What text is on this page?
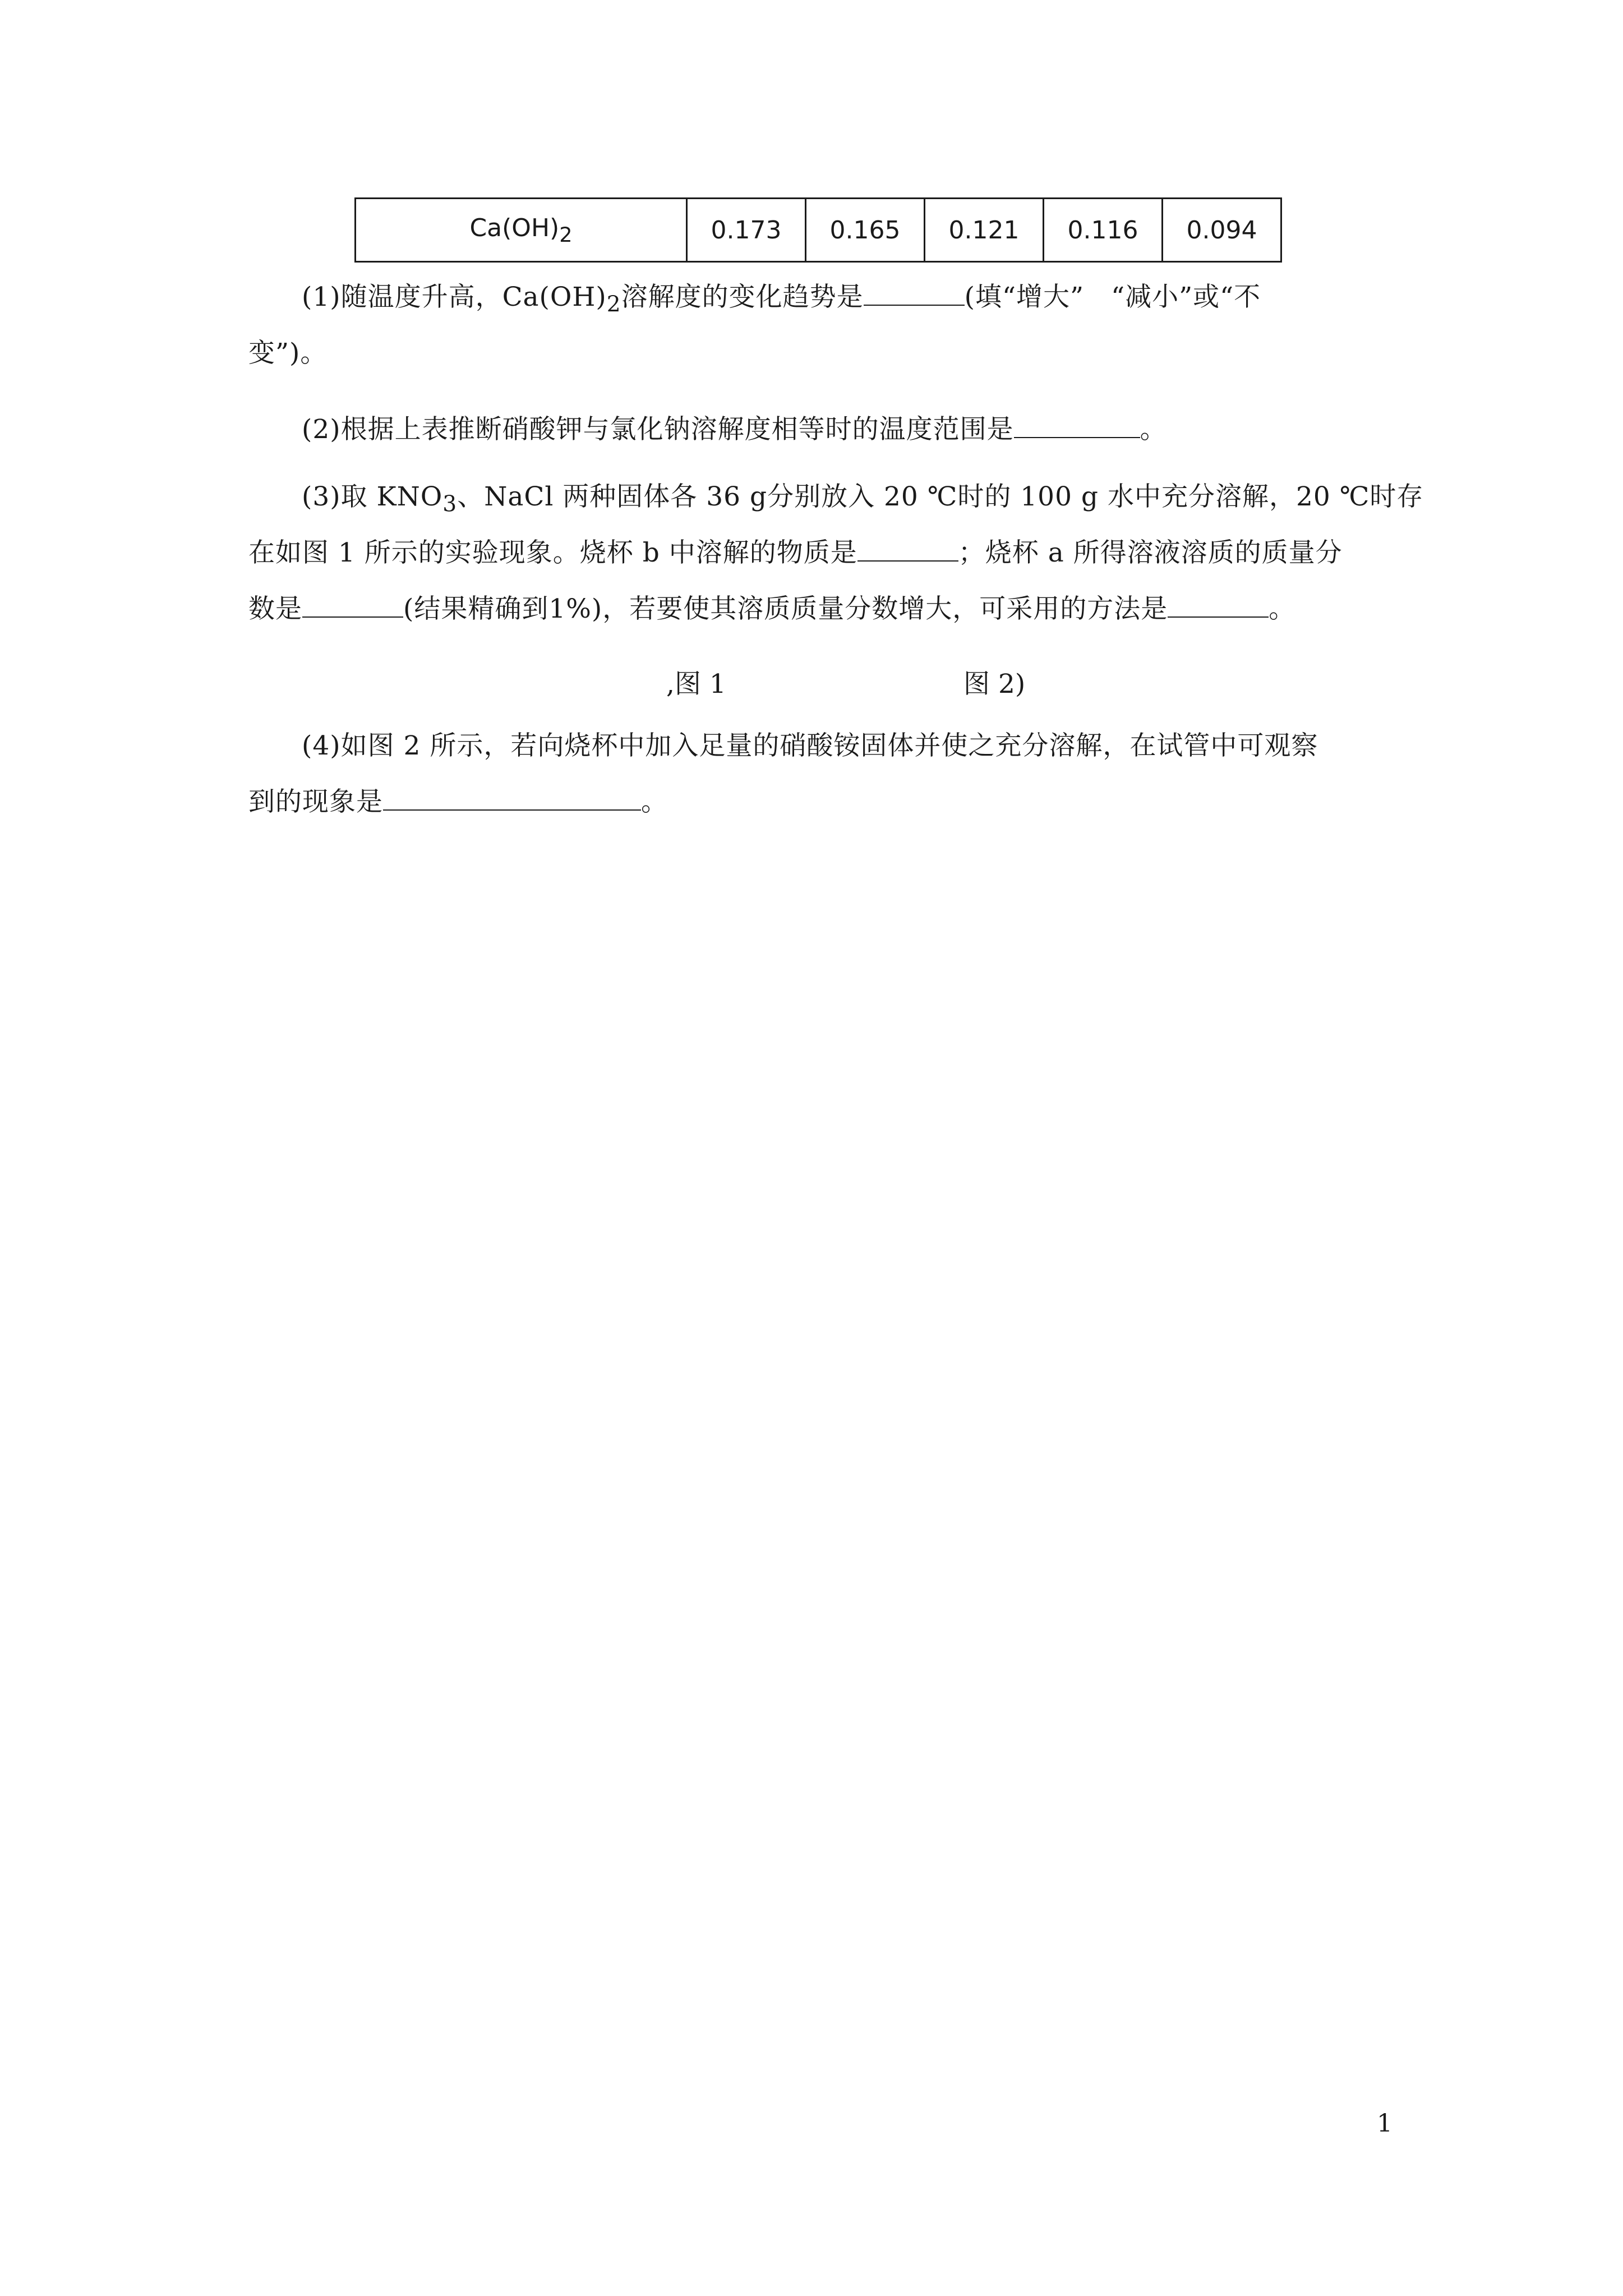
$Ca(OH)_2$	0.173	0.165	0.121	0.116	0.094
(1)随温度升高，$Ca(OH)_2$溶解度的变化趋势是	(填“增大”　“减小”或“不
变”)。
(2)根据上表推断硝酸钾与氯化钠溶解度相等时的温度范围是	。
(3)取 $KNO_3$、NaCl 两种固体各 36 g分别放入 20 ℃时的 100 g 水中充分溶解，20 ℃时存
在如图 1 所示的实验现象。烧杯 b 中溶解的物质是	；烧杯 a 所得溶液溶质的质量分
数是	(结果精确到1%)，若要使其溶质质量分数增大，可采用的方法是	。
,图 1	图 2)
(4)如图 2 所示，若向烧杯中加入足量的硝酸铵固体并使之充分溶解，在试管中可观察
到的现象是	。
1
